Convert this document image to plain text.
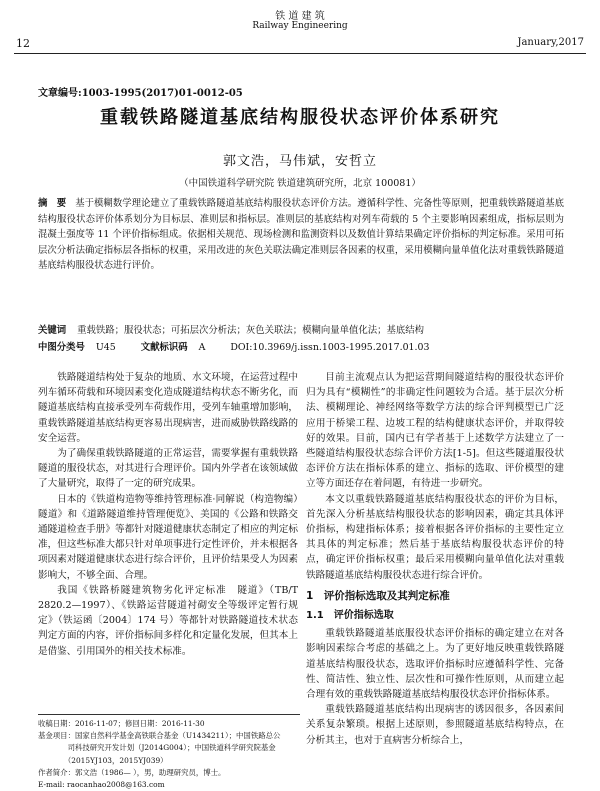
铁 道 建 筑
Railway Engineering
12	January,2017
文章编号:1003-1995(2017)01-0012-05
重载铁路隧道基底结构服役状态评价体系研究
郭文浩，马伟斌，安哲立
（中国铁道科学研究院 铁道建筑研究所，北京 100081）
摘　要 基于模糊数学理论建立了重载铁路隧道基底结构服役状态评价方法。遵循科学性、完备性等原则，把重载铁路隧道基底结构服役状态评价体系划分为目标层、准则层和指标层。准则层的基底结构对列车荷载的 5 个主要影响因素组成，指标层则为混凝土强度等 11 个评价指标组成。依据相关规范、现场检测和监测资料以及数值计算结果确定评价指标的判定标准。采用可拓层次分析法确定指标层各指标的权重，采用改进的灰色关联法确定准则层各因素的权重，采用模糊向量单值化法对重载铁路隧道基底结构服役状态进行评价。
关键词 重载铁路；服役状态；可拓层次分析法；灰色关联法；模糊向量单值化法；基底结构
中图分类号 U45	文献标识码 A	DOI:10.3969/j.issn.1003-1995.2017.01.03

铁路隧道结构处于复杂的地质、水文环境，在运营过程中列车循环荷载和环境因素变化造成隧道结构状态不断劣化，而隧道基底结构直接承受列车荷载作用，受列车轴重增加影响，重载铁路隧道基底结构更容易出现病害，进而威胁铁路线路的安全运营。

为了确保重载铁路隧道的正常运营，需要掌握有重载铁路隧道的服役状态，对其进行合理评价。国内外学者在该领域做了大量研究，取得了一定的研究成果。

日本的《铁道构造物等维持管理标准·同解说（构造物编）隧道》和《道路隧道维持管理便览》、美国的《公路和铁路交通隧道检查手册》等都针对隧道健康状态制定了相应的判定标准，但这些标准大都只针对单项事进行定性评价，并未根据各项因素对隧道健康状态进行综合评价，且评价结果受人为因素影响大，不够全面、合理。

我国《铁路桥隧建筑物劣化评定标准　隧道》（TB/T 2820.2—1997）、《铁路运营隧道衬砌安全等级评定暂行规定》（铁运函〔2004〕174 号）等都针对铁路隧道技术状态判定方面的内容，评价指标间多样化和定量化发展，但其本上是借鉴、引用国外的相关技术标准。

收稿日期：2016-11-07；修回日期：2016-11-30
基金项目：国家自然科学基金高铁联合基金（U1434211）；中国铁路总公
　　　　司科技研究开发计划（J2014G004）；中国铁道科学研究院基金
　　　　（2015YJ103，2015YJ039）
作者简介：郭文浩（1986— ），男，助理研究员，博士。
E-mail: raocanhao2008@163.com

目前主流观点认为把运营期间隧道结构的服役状态评价归为具有“模糊性”的非确定性问题较为合适。基于层次分析法、模糊理论、神经网络等数学方法的综合评判模型已广泛应用于桥梁工程、边坡工程的结构健康状态评价，并取得较好的效果。目前，国内已有学者基于上述数学方法建立了一些隧道结构服役状态综合评价方法[1-5]。但这些隧道服役状态评价方法在指标体系的建立、指标的选取、评价模型的建立等方面还存在着问题，有待进一步研究。

本文以重载铁路隧道基底结构服役状态的评价为目标，首先深入分析基底结构服役状态的影响因素，确定其具体评价指标，构建指标体系；接着根据各评价指标的主要性定立其具体的判定标准；然后基于基底结构服役状态评价的特点，确定评价指标权重；最后采用模糊向量单值化法对重载铁路隧道基底结构服役状态进行综合评价。

1　评价指标选取及其判定标准
1.1　评价指标选取

重载铁路隧道基底服役状态评价指标的确定建立在对各影响因素综合考虑的基础之上。为了更好地反映重载铁路隧道基底结构服役状态，选取评价指标时应遵循科学性、完备性、简洁性、独立性、层次性和可操作性原则，从而建立起合理有效的重载铁路隧道基底结构服役状态评价指标体系。

重载铁路隧道基底结构出现病害的诱因很多，各因素间关系复杂繁琐。根据上述原则，参照隧道基底结构特点，在分析其主，也对于直病害分析综合上，
